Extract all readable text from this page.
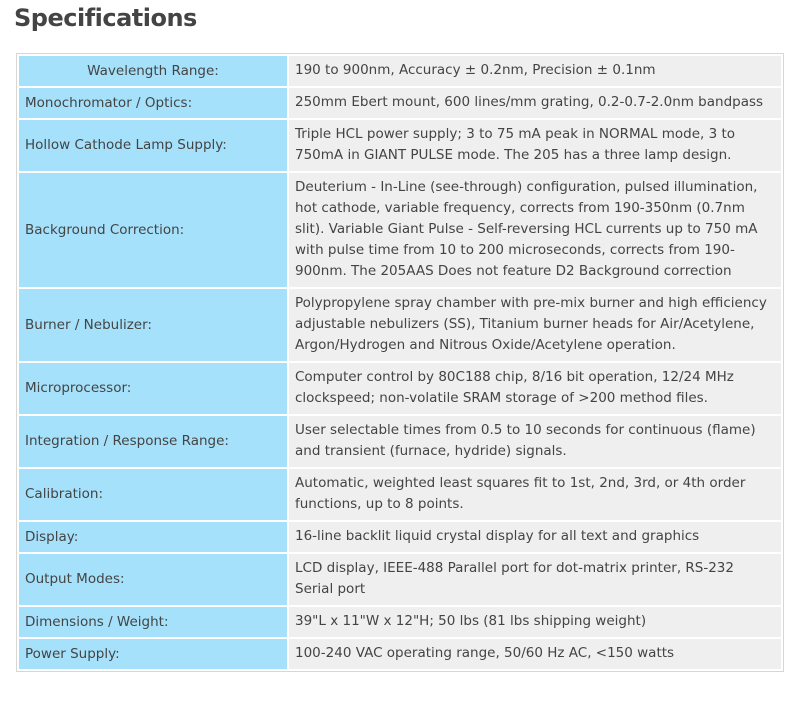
Specifications
Wavelength Range:	190 to 900nm, Accuracy ± 0.2nm, Precision ± 0.1nm
Monochromator / Optics:	250mm Ebert mount, 600 lines/mm grating, 0.2-0.7-2.0nm bandpass
Hollow Cathode Lamp Supply:	Triple HCL power supply; 3 to 75 mA peak in NORMAL mode, 3 to 750mA in GIANT PULSE mode. The 205 has a three lamp design.
Background Correction:	Deuterium - In-Line (see-through) configuration, pulsed illumination, hot cathode, variable frequency, corrects from 190-350nm (0.7nm slit). Variable Giant Pulse - Self-reversing HCL currents up to 750 mA with pulse time from 10 to 200 microseconds, corrects from 190-900nm. The 205AAS Does not feature D2 Background correction
Burner / Nebulizer:	Polypropylene spray chamber with pre-mix burner and high efficiency adjustable nebulizers (SS), Titanium burner heads for Air/Acetylene, Argon/Hydrogen and Nitrous Oxide/Acetylene operation.
Microprocessor:	Computer control by 80C188 chip, 8/16 bit operation, 12/24 MHz clockspeed; non-volatile SRAM storage of >200 method files.
Integration / Response Range:	User selectable times from 0.5 to 10 seconds for continuous (flame) and transient (furnace, hydride) signals.
Calibration:	Automatic, weighted least squares fit to 1st, 2nd, 3rd, or 4th order functions, up to 8 points.
Display:	16-line backlit liquid crystal display for all text and graphics
Output Modes:	LCD display, IEEE-488 Parallel port for dot-matrix printer, RS-232 Serial port
Dimensions / Weight:	39"L x 11"W x 12"H; 50 lbs (81 lbs shipping weight)
Power Supply:	100-240 VAC operating range, 50/60 Hz AC, <150 watts
